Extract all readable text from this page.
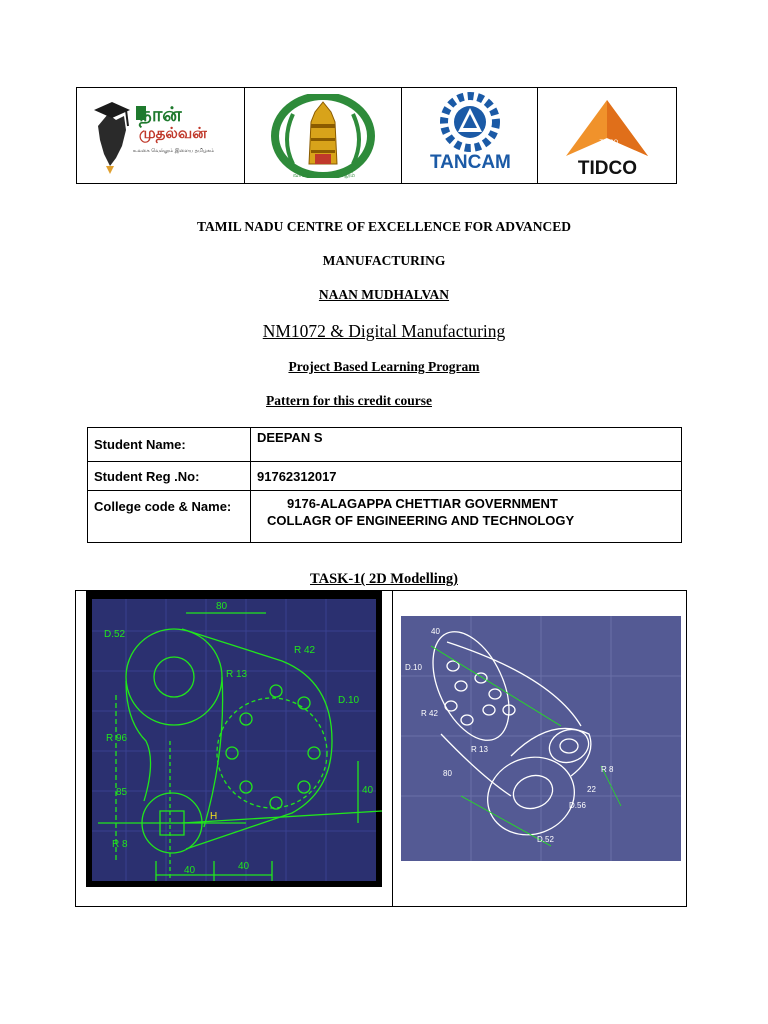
நான்
முதல்வன்
உலகை வெல்லும் இளைய தமிழகம்
வாய்மையே வெல்லும்
TANCAM
TIDCO
TIDCO
TAMIL NADU CENTRE OF EXCELLENCE FOR ADVANCED
MANUFACTURING
NAAN MUDHALVAN
NM1072 & Digital Manufacturing
Project Based Learning Program
Pattern for this credit course
Student Name:	DEEPAN S
Student Reg .No:	91762312017
College code & Name:	9176-ALAGAPPA CHETTIAR GOVERNMENT
COLLAGR OF ENGINEERING AND TECHNOLOGY
TASK-1( 2D Modelling)
80
D.52
R 42
R 13
D.10
R 96
85	40
R 8
40	40
H
40
D.10
R 42
R 13
80	R 8
D.56
D.52
22
